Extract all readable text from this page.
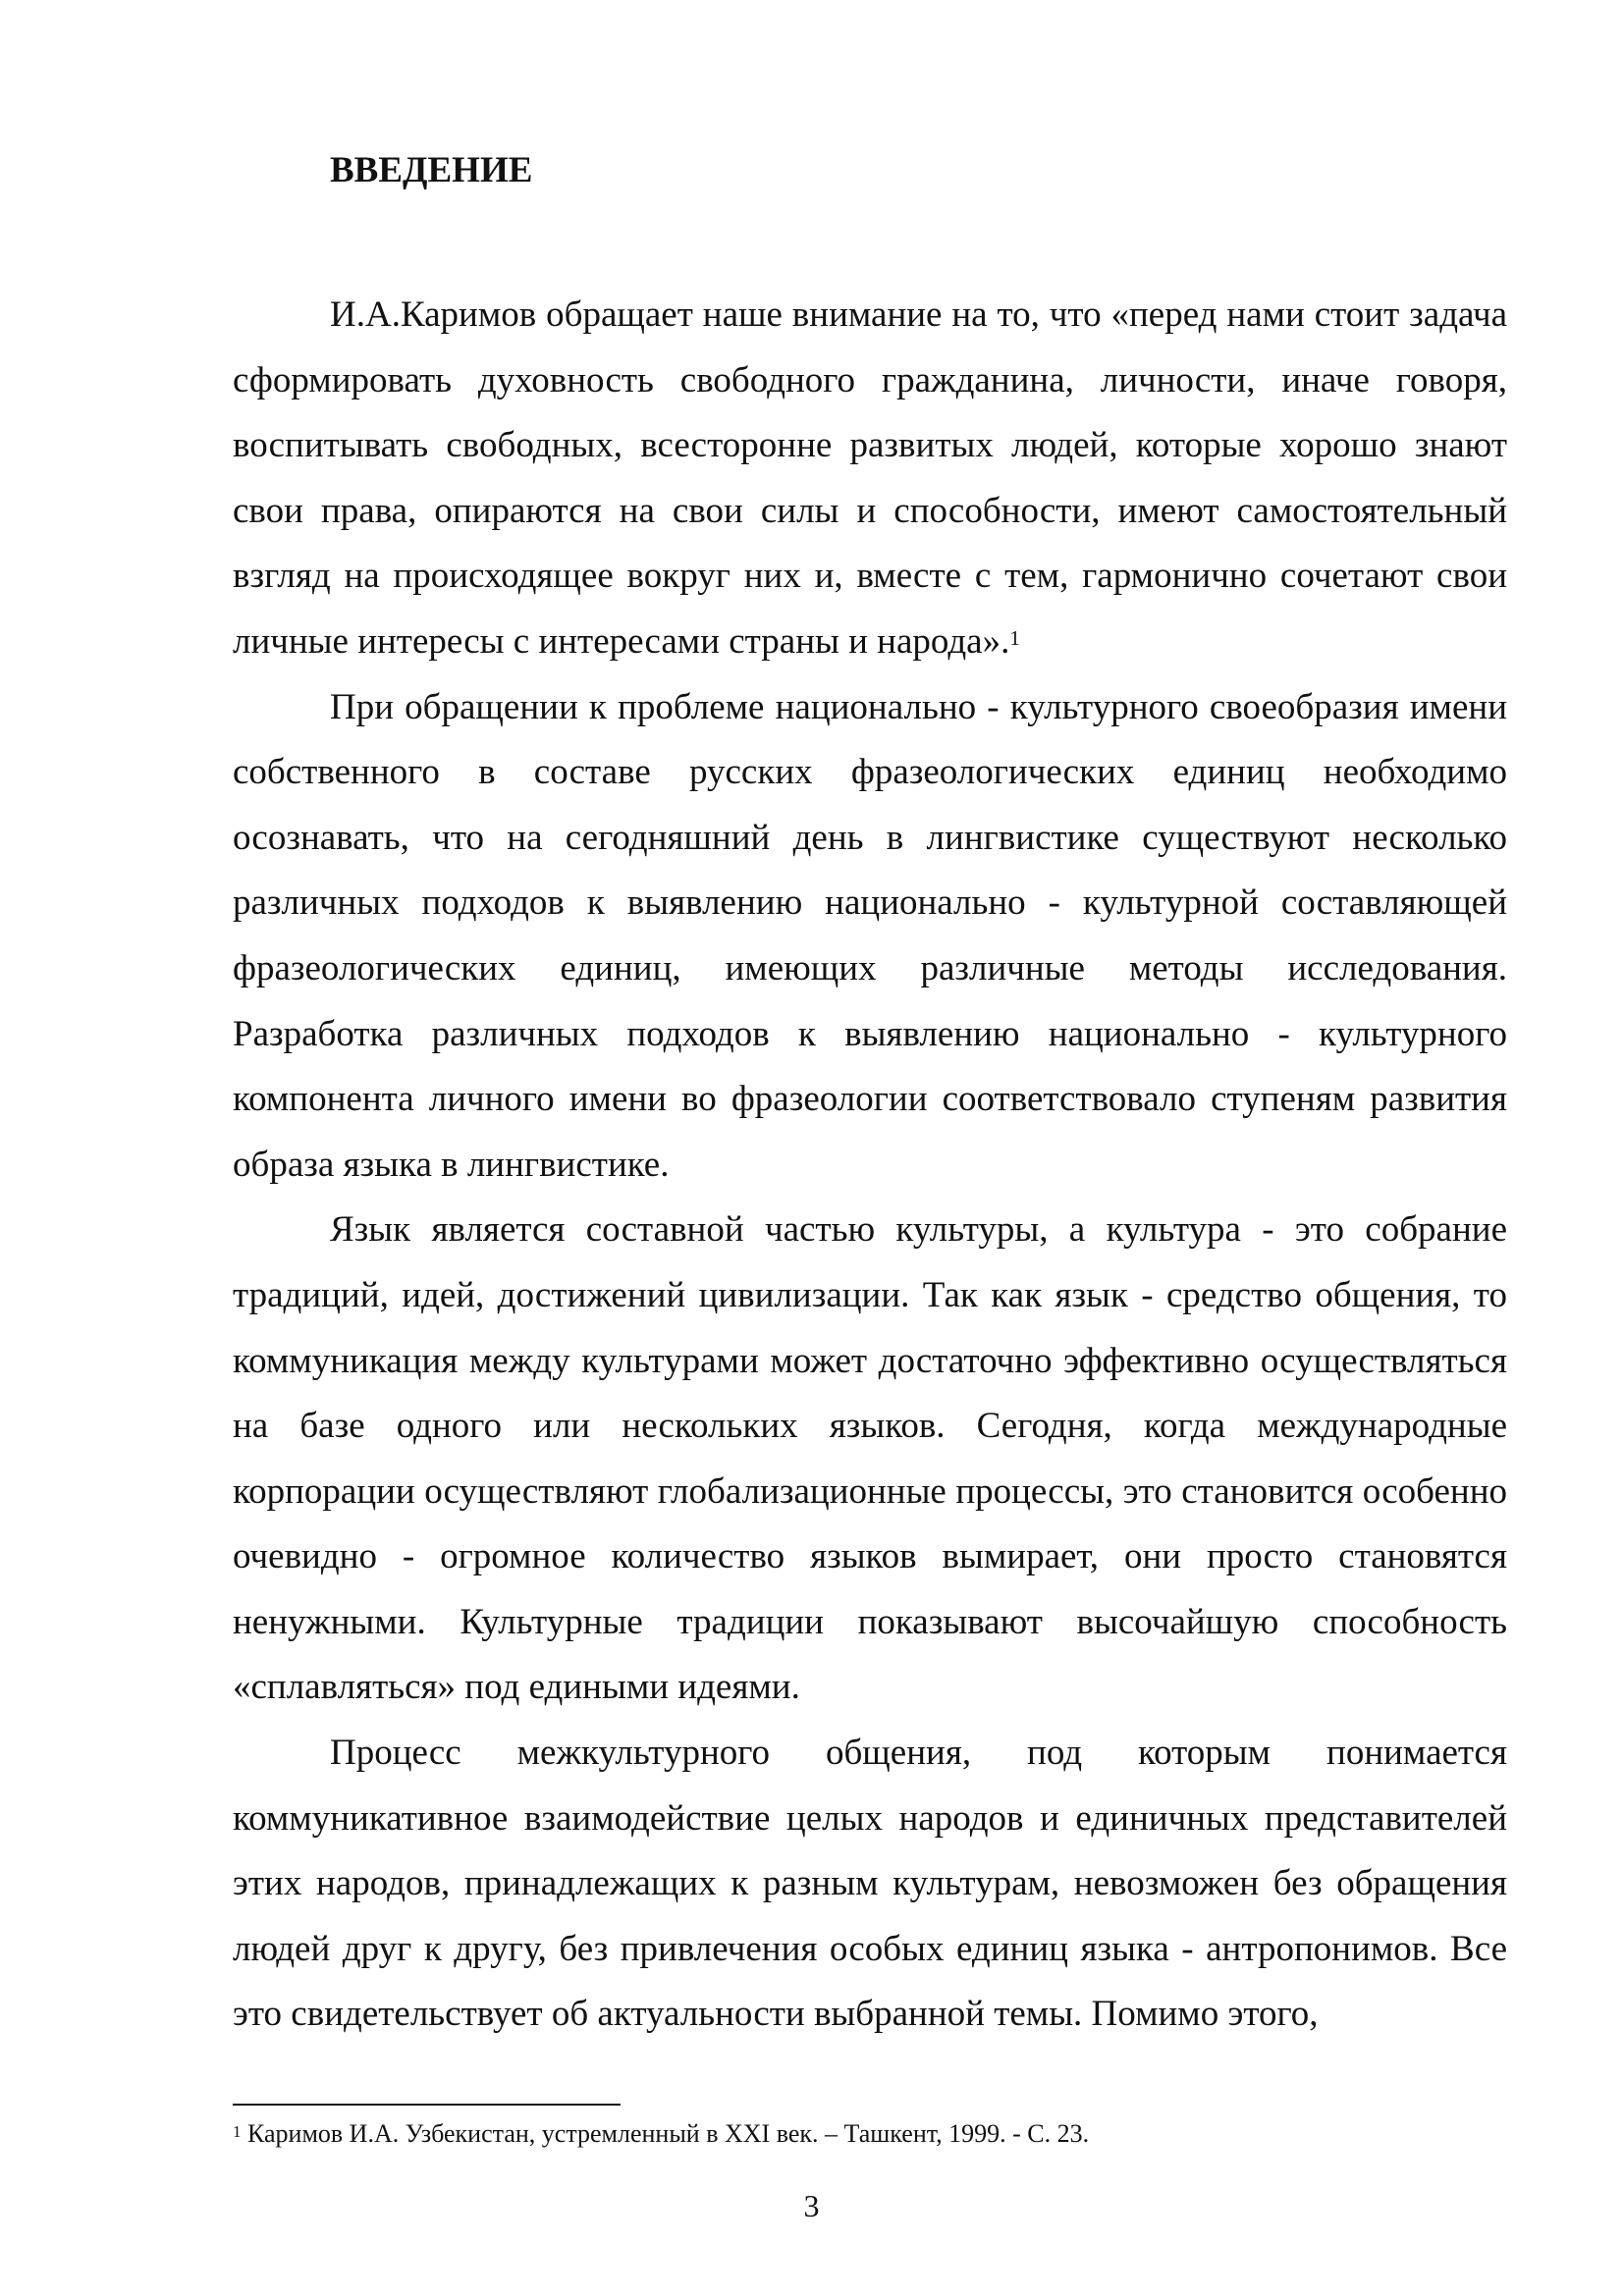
ВВЕДЕНИЕ

И.А.Каримов обращает наше внимание на то, что «перед нами стоит задача сформировать духовность свободного гражданина, личности, иначе говоря, воспитывать свободных, всесторонне развитых людей, которые хорошо знают свои права, опираются на свои силы и способности, имеют самостоятельный взгляд на происходящее вокруг них и, вместе с тем, гармонично сочетают свои личные интересы с интересами страны и народа».$^1$

При обращении к проблеме национально - культурного своеобразия имени собственного в составе русских фразеологических единиц необходимо осознавать, что на сегодняшний день в лингвистике существуют несколько различных подходов к выявлению национально - культурной составляющей фразеологических единиц, имеющих различные методы исследования. Разработка различных подходов к выявлению национально - культурного компонента личного имени во фразеологии соответствовало ступеням развития образа языка в лингвистике.

Язык является составной частью культуры, а культура - это собрание традиций, идей, достижений цивилизации. Так как язык - средство общения, то коммуникация между культурами может достаточно эффективно осуществляться на базе одного или нескольких языков. Сегодня, когда международные корпорации осуществляют глобализационные процессы, это становится особенно очевидно - огромное количество языков вымирает, они просто становятся ненужными. Культурные традиции показывают высочайшую способность «сплавляться» под едиными идеями.

Процесс межкультурного общения, под которым понимается коммуникативное взаимодействие целых народов и единичных представителей этих народов, принадлежащих к разным культурам, невозможен без обращения людей друг к другу, без привлечения особых единиц языка - антропонимов. Все это свидетельствует об актуальности выбранной темы. Помимо этого,

$^1$ Каримов И.А. Узбекистан, устремленный в XXI век. – Ташкент, 1999. - С. 23.

3
